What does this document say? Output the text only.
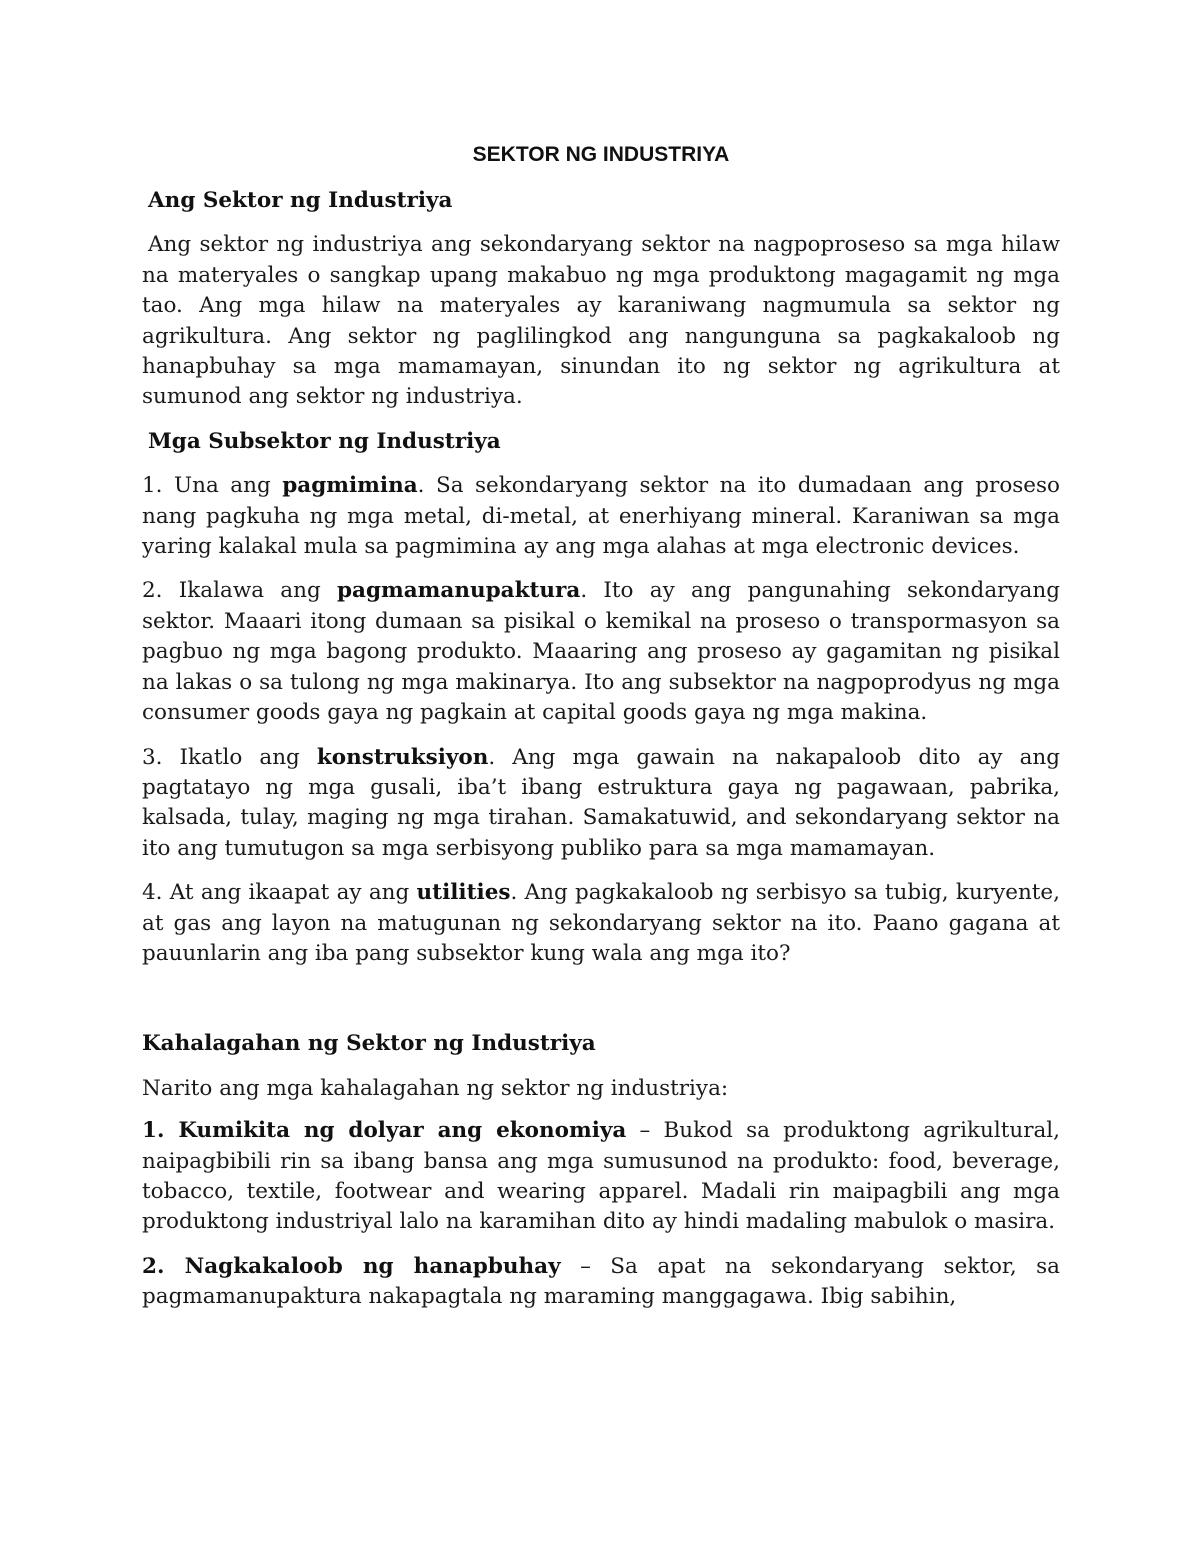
SEKTOR NG INDUSTRIYA
Ang Sektor ng Industriya

Ang sektor ng industriya ang sekondaryang sektor na nagpoproseso sa mga hilaw na materyales o sangkap upang makabuo ng mga produktong magagamit ng mga tao. Ang mga hilaw na materyales ay karaniwang nagmumula sa sektor ng agrikultura. Ang sektor ng paglilingkod ang nangunguna sa pagkakaloob ng hanapbuhay sa mga mamamayan, sinundan ito ng sektor ng agrikultura at sumunod ang sektor ng industriya.

Mga Subsektor ng Industriya

1. Una ang pagmimina. Sa sekondaryang sektor na ito dumadaan ang proseso nang pagkuha ng mga metal, di-metal, at enerhiyang mineral. Karaniwan sa mga yaring kalakal mula sa pagmimina ay ang mga alahas at mga electronic devices.

2. Ikalawa ang pagmamanupaktura. Ito ay ang pangunahing sekondaryang sektor. Maaari itong dumaan sa pisikal o kemikal na proseso o transpormasyon sa pagbuo ng mga bagong produkto. Maaaring ang proseso ay gagamitan ng pisikal na lakas o sa tulong ng mga makinarya. Ito ang subsektor na nagpoprodyus ng mga consumer goods gaya ng pagkain at capital goods gaya ng mga makina.

3. Ikatlo ang konstruksiyon. Ang mga gawain na nakapaloob dito ay ang pagtatayo ng mga gusali, iba’t ibang estruktura gaya ng pagawaan, pabrika, kalsada, tulay, maging ng mga tirahan. Samakatuwid, and sekondaryang sektor na ito ang tumutugon sa mga serbisyong publiko para sa mga mamamayan.

4. At ang ikaapat ay ang utilities. Ang pagkakaloob ng serbisyo sa tubig, kuryente, at gas ang layon na matugunan ng sekondaryang sektor na ito. Paano gagana at pauunlarin ang iba pang subsektor kung wala ang mga ito?

Kahalagahan ng Sektor ng Industriya

Narito ang mga kahalagahan ng sektor ng industriya:

1. Kumikita ng dolyar ang ekonomiya – Bukod sa produktong agrikultural, naipagbibili rin sa ibang bansa ang mga sumusunod na produkto: food, beverage, tobacco, textile, footwear and wearing apparel. Madali rin maipagbili ang mga produktong industriyal lalo na karamihan dito ay hindi madaling mabulok o masira.

2. Nagkakaloob ng hanapbuhay – Sa apat na sekondaryang sektor, sa pagmamanupaktura nakapagtala ng maraming manggagawa. Ibig sabihin,
